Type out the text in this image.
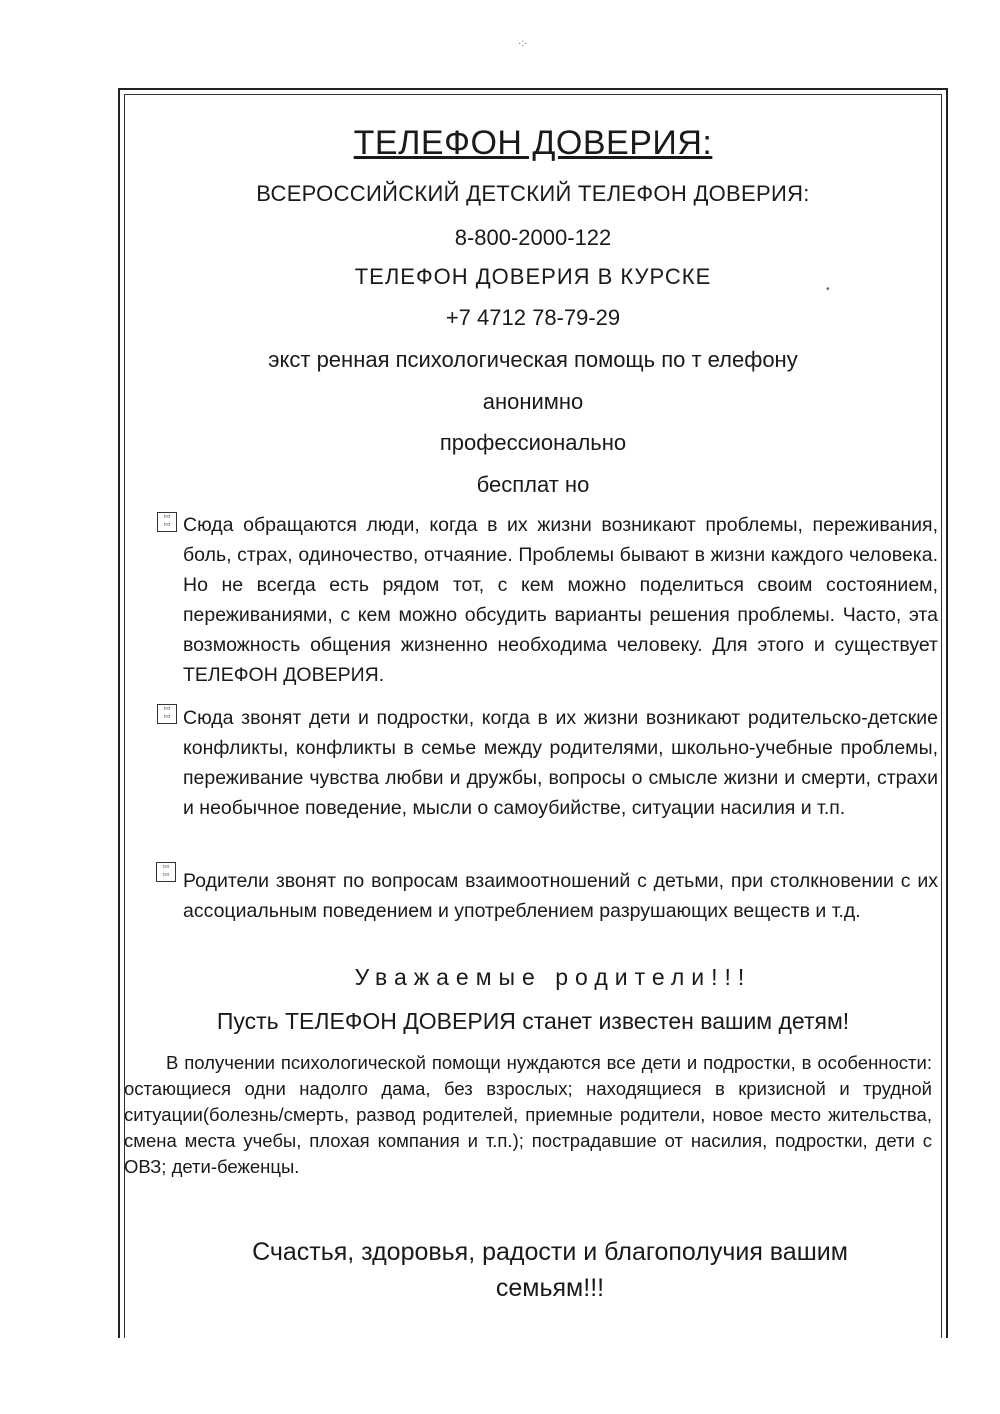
·:·
•
ТЕЛЕФОН ДОВЕРИЯ:
ВСЕРОССИЙСКИЙ ДЕТСКИЙ ТЕЛЕФОН ДОВЕРИЯ:
8-800-2000-122
ТЕЛЕФОН ДОВЕРИЯ В КУРСКЕ
+7 4712 78-79-29
экст ренная психологическая помощь по т елефону
анонимно
профессионально
бесплат но
▫▫
▫▫ Сюда обращаются люди, когда в их жизни возникают проблемы, переживания, боль, страх, одиночество, отчаяние. Проблемы бывают в жизни каждого человека. Но не всегда есть рядом тот, с кем можно поделиться своим состоянием, переживаниями, с кем можно обсудить варианты решения проблемы. Часто, эта возможность общения жизненно необходима человеку. Для этого и существует ТЕЛЕФОН ДОВЕРИЯ.
▫▫
▫▫ Сюда звонят дети и подростки, когда в их жизни возникают родительско-детские конфликты, конфликты в семье между родителями, школьно-учебные проблемы, переживание чувства любви и дружбы, вопросы о смысле жизни и смерти, страхи и необычное поведение, мысли о самоубийстве, ситуации насилия и т.п.
▫▫
▫▫ Родители звонят по вопросам взаимоотношений с детьми, при столкновении с их ассоциальным поведением и употреблением разрушающих веществ и т.д.
Уважаемые родители!!!
Пусть ТЕЛЕФОН ДОВЕРИЯ станет известен вашим детям!
В получении психологической помощи нуждаются все дети и подростки, в особенности: остающиеся одни надолго дама, без взрослых; находящиеся в кризисной и трудной ситуации(болезнь/смерть, развод родителей, приемные родители, новое место жительства, смена места учебы, плохая компания и т.п.); пострадавшие от насилия, подростки, дети с ОВЗ; дети-беженцы.
Счастья, здоровья, радости и благополучия вашим семьям!!!
